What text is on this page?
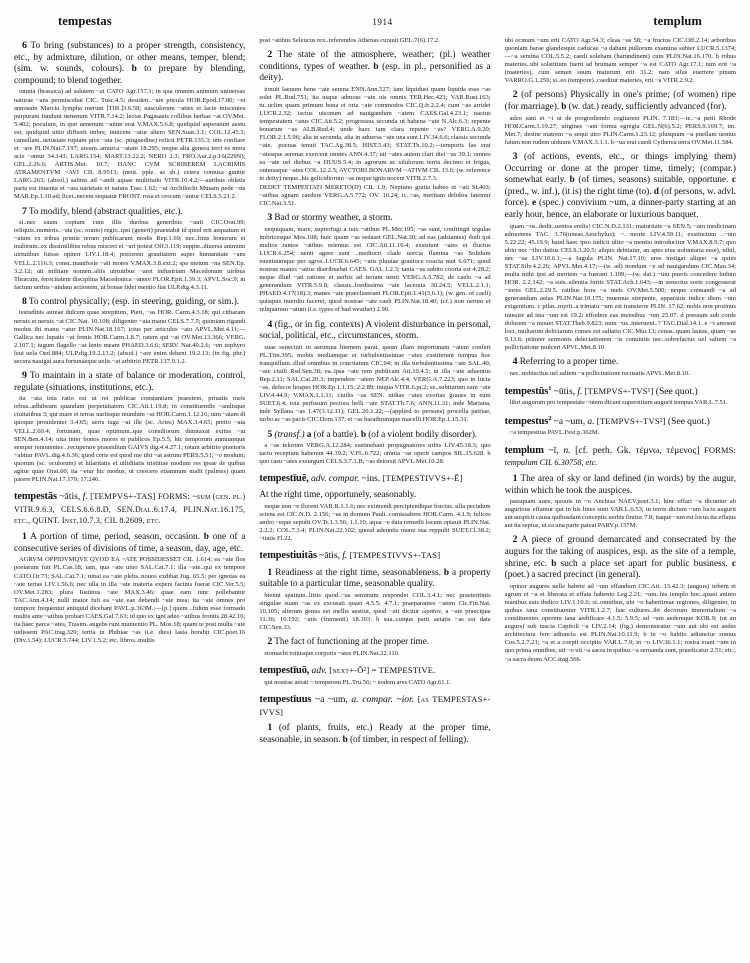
tempestas	1914	templum
6 To bring (substances) to a proper strength, consistency, etc., by admixture, dilution, or other means, temper, blend; (sim. w. sounds, colours). b to prepare by blending, compound; to blend together.
omnia (brassica) ad salutem ~at CATO Agr.157.1; in qua omnem animum uniuersae naturae ~ans permiscebat CIC. Tusc.4.5; desideri..~are pocula HOR.Epod.17.80; ~et annosum Marcia lympha merum [TIB.]3.6.58; uasculorum ~aties et lacte miscentes purpuram fundunt uenenum VITR.7.14.2; lectas Pagasaeis collibus herbas ~at OV.Met. 5.402; poculum, in quo uenenum ~atum erat V.MAX.5.6.8; quidquid asperatum aestu est, quidquid uitio diffuxit imbre, inuicem ~atur altero SEN.Suas.3.1; COL.12.45.3; camellam..uetustate ruptam pice ~ata (sc. pinguedine) reficit PETR.135.3; uns confiare et ~are PLIN.Nat.7.197; aream..amurca ~atam 18.295; neque alia genera terri es mera acie ~antur 34.143; LARG.154; MART.13.22.2; NERO 2.3; FRO.Aur.2.p.16(229N); GEL.2.26.6; ARTIS.Met. 10.7; HANC CVM SCRIBEREM LACRIMIS ATRAMENTVM ~AVI CIL 8.9513; (neut. pple. as sb.) cetera contusa guntur LARG.263; (absol.) salinis ad ~andi aquae multitudo VITR.10.4.2;—auribus obletis parta est inuenta et ~ata uarietate et natura Tusc.1.62; ~at Archilochi Musam pede ~na MAR.Ep.1.10.ad; licet..necem sequatur FRONT. rosa et crocum ~antur CELS.5.21.2.
7 To modify, blend (abstract qualities, etc.).
si..nec suam copiam cum illis duobus generibus ~auit CIC.Orat.99; reliquis..numeris..~ata (sc. oratio) regio..ipsi (generi) praestabit id quod erit aequatum et ~atum ex tribus primis rerum publicarum modis Rep.1.69; nec..finis bonorum et malorum..ex dissimilibus rebus misceri et ~ari potest Off.3.119; suppte..diuersa animum uirtutibus fuisse opinor LIV.1.18.4; potiorem grauitatem super humanitate ~ans VELL.2.116.3; const..manifeste ~ati mores V.MAX.3.8.ext.2; spe metum ~na SEN.Ep. 3.2.12; uti militare nomen..aliis uirtutibus ~aret industriam Macedonum uiribus Thracum, ferocitatem disciplina Macedonica ~anere FLOR.Epit.1.39.3; APVL.Soc.9; in factum uerbis ~andam actionem, ut bonae fidei mentio fiat ULP.dig.4.3.11.
8 To control physically; (esp. in steering, guiding, or sim.).
testudinis aureae dulcem quae strepitum, Pieri, ~as HOR. Carm.4.3.18; qui citharam neruis et neruis ~at CIC.Nat. 10.108; diligenter ~ata manu CELS.7.7.5; quoniam rigandi modus ibi manu ~atur PLIN.Nat.18.167; ictus per articulos ~ato APVL.Met.4.11;—Gallica nec lupatis ~at frenis HOR.Carm.1.8.7; ratem qui ~at OV.Met.13.366; VERG. 2.107.1; iugum flagello ~at lento meam PHAED.3.6.6; SERV. Nat.40.2.6; ~en zephyro leui uela Oed.884; ULP.dig.19.2.13.2; (absol.) ~are enim debent 19.2.13; (in fig. phr.) secura nauigat aura fortunaeque uelis ~at arbitrio PETR.137.9.1.2.
9 To maintain in a state of balance or moderation, control, regulate (situations, institutions, etc.).
ita ~ata tota ratio est ut rei publicae constantiam praestem, priuatis meis rebus..adhibeam quandam perpetuitatem CIC.Att.1.19.8; in constituendis ~andisque ciuitatibus 3; qui mare et terras uariisque mundum ~at HOR.Carm.1.12.16; uim ~atam di quoque prouidenter 3.4.65; ueris iuga ~at ille (sc. Aries) MAX.3.4.65; pretio ~ata VELL.2.60.4; fortunam, quae optimum..que consiliorum dumtaxat exitus ~at SEN.Ben.4.14; uita inter bonos mores et publicos Ep.5.5; hic temporum annuumque semper renuuentes ..recuperare praesidium GAIVS dig.4.4.27.1; totam arbitrio praetoris ~abitur PAVL.dig.4.6.36; quod certe est quod me tibi ~at astrum PERS.5.51; ~o modum; quorum (sc. oculorum) et hilaritatis et uiliditatis tristitiae modum res ipsae de quibus agitur quae Orat.60; ita ~etur hic modus, ut crescere etiamnum malit (palmes) quam parere PLIN.Nat.17.179; 17.246.
tempestās ~ātis, f. [TEMPVS+-TAS] FORMS: ~sum (gen. pl.) VITR.9.6.3, CELS.6.6.8.D, SEN.Dial.6.17.4, PLIN.Nat.16.175, etc., QUINT. Inst.10.7.3, CIL 8.2609, etc.
1 A portion of time, period, season, occasion. b one of a consecutive series of divisions of time, a season, day, age, etc.
AGRVM OPPIDVMQVE QVOD EA ~ATE POSSIDESSET CIL 1.614; ea ~ate flos poetarum fuit PL.Cas.18; iam, qua ~ate uiuo SAL.Cat.7.1; illa ~ate..qui ex tempore CATO.Or.73; SAL.Cat.7.1; ninai ea ~ate plebs..nouos exdibat Jug. 65.5; per ignotas ea ~ate terras LIV.1.56.6; nec ulla in illa ~ate materia expers facinis fuerat CIC.Ver.5.5; OV.Met.1.283; plura Iustinus ~ate MAX.3.46; quae eam tunc pollebantur TAC.Ann.4.14; nulli maior fuit ea ~ate eae debendi ~ate mea; ita ~ate omnes pro tempore frequentur antiquid dicebant PAVL.p.363M.;—[p.] quem ..fidum esse formado multis ante ~atibus probari CAES.Gal.7.63; id quo ex igni adeo ~atibus frontis 28.42.16; ita haec parca ~ates, Trasim. augebs runt munientio PL. Mos.18; quam te post multa ~ate uidissem PAC.trag.329; tertia in Phthiae ~as (i.e. dies) lasta horabit CIC.poet.16 (Div.1.54); LUCR.5.744; LIV.1.5.2; etc. libros..multis
post ~atibus Seleucus rex..referendos Athenas curauit GEL.7(6).17.2.
2 The state of the atmosphere, weather; (pl.) weather conditions, types of weather. b (esp. in pl., personified as a deity).
tonuit laeuum bene ~ate serena ENN.Ann.527; iam liquidust quam liquida esse ~as solet PL.Rud.751; ita usque admoss ~ate uis omnis TER.Hec.423; VAR.Rust.163; tu..uclim quam primum bona et orta ~ate commodos CIC.Q.fr.2.2.4; cum ~as arridet LUCR.2.32; isctus uisonum ad nauigandum ~atem CAES.Gal.4.23.1; nactus tempestatem ~atus CIC.Att.5.2; progressus secunda ut habena ~ate N.Alc.6.3; repente bonarum ~as ALB.Rud.4; unde haec tam clara repente ~as? VERG.A.9.20; FLOR.2.1.5.96; alia in secunda, alia in aduersa ~ate una sunt LIV.34.6.6; classis secunda ~ate. .pocnas tenuit TAC.Ag.38.5; HIST.5.43; STAT.Th.10.2;—temporis fas erat ~atesque serenas exercent omnes ANN.4.37; uti ~ates autem clari diei ~as 39.1; omnes ea ~ate uel diebus ~a HUUS.5.4; in agrorum ac silulorum terris decimo et frigus, outerasque ~ates COL.12.2.5; AVCTORI BONARVM ~ATIVM CIL 13.6; (w. reference to deity) neque..his gelicidiorum ~as neque ignis nocere VITR.2.7.3.
DEDET TEMPESTATI MERETO(D) CIL 1.9; Neptuno gratia habeo et ~ati Si.403; ~atibus agnam caedere VERG.A.5.772; OV. 10.24; ic..~as, meritam delubra fatemur CIC.Nat.3.51.
3 Bad or stormy weather, a storm.
nequiquam, mare, supterfugi a tuis ~atibus PL.Mer.195; ~as sunt, confringit tegulas imbricesque Mos.108; huic quam ~as sedaset GEL.Nat.30; ad eas (adstantes) dodi qui multos ramos ~atibus reientus est CIC.Att.11.16.4; exsistunt ~ates et fluctus LUCR.6.254; uenti agere sunt ..mediocri clade uorcia flamina ~as Solidum euentuumque per agros..LUCR.6.645; ~atis pluuiae grauioce coacta mut 6.671; quod nostrae manes ~atius distribuebat CAES. GAL.1.2.3; tanta ~as subito coorta est 4.28.2; neque illud ~ati ratione et uerbis ad terram uenti VERG.A.5.782; de caelo ~a ad generandum VITR.5.9.8; classis..foedissima ~ate lacerata 30.24.5; VELL.2.1.1; PHAED.4.17(18).3; manes ~ate praecluserant FLOR.Epit.1.41(3,6.1); (w. gen. of caeli) quisquis interdiu faceret, quod nostrae ~ate caeli PLIN.Nat.18.40; (cf.) non uerum et reliquarum ~atum (i.e. types of bad weather) 2.90.
4 (fig., or in fig. contexts) A violent disturbance in personal, social, political, etc., circumstances, storm.
suae senectuti in aerumna hiemem parat, quom illam importunam ~atem confert PL.Trin.395; mobis inediamque et turbulentissimae ~ates exstiterunt tempus hoc tranquillum..illud omnibus in concitatum CIC.94; in illa turbulentissima ~ate SAL.40; ~ate ciuili Rsd.Sen.38; ea..ipsa ~ate rem publicam Att.10.4.5; in illa ~ate aduentus Rep.2.11; SAL.Cat.20.3; impendere ~atem NEP.Alc.4.4; VERG.A.7.223; quo in lucta ~as, defecor hospes HOR.Ep.1.1.15; 2.2.89; iniqua VITR.6.pr.2; se..subiturum eam ~ate LIV.4.44.9; V.MAX.1.1.11; ciuilis ~as SEN. uidiae ~ates exortae graues in eum SUET.6.4; tota perfusum pectora belli ~ate STAT.Th.7.6; ANN.11.31; inde Mariana, inde Syllana ~as 1.47(3.12.11); GEL.20.1.22;—(applied to persons) procella patriae, turbo ac ~as pacis CIC.Dom.137; et ~as barathrumque macelli HOR.Ep.1.15.31.
5 (transf.) a (of a battle). b (of a violent bodily disorder).
a ~as telorum VERG.A.12.284; sustinebant propugnatores urbis LIV.45.18.3; quo tactu receptum haberent 44.39.2; V.FL.6.722; omnia ~as operit campos SIL.15.628. b quo casu ~ates exsurgunt CELS.3.7.1.B; ~as detorsit APVL.Met.10.28.
tempestīuē, adv. compar. ~ius. [TEMPESTIVVS+-Ē]
At the right time, opportunely, seasonably.
neque non ~e florent VAR.R.1.1.6; nec eximendi percipiendique fructus..ulla pecudum sciens est CIC.N.D. 2.156; ~as in domum Pauli..comissabere HOR.Carm. 4.1.9; felices ambo ~eque sepulti OV.Tr.1.3.56; 1.1.10; aqua ~e data remedii locum optauit PLIN.Nat. 2.2.2; COL.7.3.4; PLIN.Nat.22.102; quosd adeuntis manu sua reppulit SUET.Cl.38.2; ~itatis Fl.22.
tempestiuitās ~ātis, f. [TEMPESTIVVS+-TAS]
1 Readiness at the right time, seasonableness. b a property suitable to a particular time, seasonable quality.
bienni spatium..litris quod..~as seminum respondet COL.3.4.1; nec praeteritinis singulae suam ~as ex excusati quaei 4.5.5; 4.7.1; praeparantes ~atem Cic.Fin.Nat. 10.105; alterum genus est mellis aestiui, quod ~ati dicitur ὡραῖον, a ~ate praecipua 11.36; 16.192; ~atis (frumenti) 18.303. b sua..cuique parti aetatis ~as est data CIC.Sen.33.
2 The fact of functioning at the proper time.
stomachi totiusque corporis ~ates PLIN.Nat.22.110.
tempestīuō, adv. [next+-Ō²] = TEMPESTIVE.
qui nostrae aetati ~ temperent PL.Tru.56; ~ eodem ares CATO Agr.61.1.
tempestīuus ~a ~um, a. compar. ~ior. [as TEMPESTAS+-IVVS]
1 (of plants, fruits, etc.) Ready at the proper time, seasonable, in season. b (of timber, in respect of felling).
ubi ocinum ~um erit CATO Agr.54.3; cleas ~as 58; ~a fructus CIC.Off.2.14; arboribus quoniam barae glandesque caducae ~a dabant pullorum examina subter LUCR.5.1374;—~a semina COL.5.5.2; caedi solebant (harundinem) cum PLIN.Nat.16.170. b robus materies..ubi solstitium fuerit ad brumam semper ~a est CATO Agr.17.1; tum erit ~a (materies), cum semen suum maturum erit 31.2; nam silus euertere pinum VARRO.G.1.256; si..eo (tempore)..caeditur materies, erit ~a VITR.2.9.2.
2 (of persons) Physically in one's prime; (of women) ripe (for marriage). b (w. dat.) ready, sufficiently advanced (for).
adeo sani et ~i ut de progrediendo cogitarent PLIN. 7.183;—te..~a petit Rhode HOR.Carm.3.19.27; uirgines ~am forma egregia GEL.N(6).5.2; PERS.9.169.7; im. Met.7; desine matrem ~a sequi uiro PLIN.Carm.1.23.12; plusquam ~a puellam uentus fatum non rudem uiduum V.MAX.3.1.1. b ~ua erat caedi Cytherea terra OV.Met.11.584.
3 (of actions, events, etc., or things implying them) Occurring or done at the proper time, timely; (compar.) somewhat early. b (of times, seasons) suitable, opportune. c (pred., w. inf.), (it is) the right time (to). d (of persons, w. advl. force). e (spec.) convivium ~um, a dinner-party starting at an early hour, hence, an elaborate or luxurious banquet.
quam ~os..dedit..uentos erelis! CIC.N.D.2.131; maturitate ~a SEN.5; ~am medicinam admonens TAC. 3.76(uneas.Aeschylus); ~. morte LIV.4.59.11; exstinctum ..~um 5.22.22; 45.19.9; haud haec ipso iudicii ultio ~a mentio introducitur V.MAX.8.9.7; quo ubio nec ~ibo datius CELS.3.20.5; aliquo debitatur, an apes eius uoluntaria esse), nihil, nec ~as LIV.10.6.1;—a Iugula PLIN. Nat.17.10; ures instigat aliquo ~a quies STAT.Silv.4.2.26; APVL.Met.4.17;—(w. ad) nondum ~e ad nauigandum CIC.Man.34; multa mihi ipsi ad mortem ~a fuerant 1.109;—(w. dat.) ~um pueris concedere ludum HOR. 2.2.142; ~a suis..silentia furtis STAT.Ach.1.643;—in senectus sorte congesserat ~iores GEL.2.29.5. ratibus hora ~a meis OV.Met.5.500; neque cremandi ~a ad generandum aetas PLIN.Nat.10.175; muemus strepente, apparatus indice diem ~um exigentium. c pilas..myrii..a trimatu ~um est transierre PLIN. 17.62; nobis non protinus transire ad ista ~um est 19.2; effodere eas mensibus ~um 25.07. d pressum sub corde dolorem ~a mouet STAT.Theb.9.823; num ~us..interueni..? TAC.Dial.14.1. e ~i amoeni loci, multarum deliciarum comes est saltatio CIC.Mur.13; cenas..quam lautas, quam ~as 9.13.6; ptimier sermonis delectationem ~is conuiuiis nec..sobrefactus uel saltem ~a pollicitatione mulceri APVL.Met.8.10.
4 Referring to a proper time.
nec..nobiscitus uel saltem ~a pollicitatione recusatis APVL.Met.8.10.
tempestūs$^1$ ~ūtis, f. [TEMPVS+-TVS¹] (See quot.)
libri augurum pro tempestate ~utem dicunt superstitum augurii tempus VAR.L.7.51.
tempestus$^2$ ~a ~um, a. [TEMPVS+-TVS²] (See quot.)
~a tempestiua PAVL.Fest.p.362M.
templum ~ī, n. [cf. perh. Gk. τέμνω, τέμενος] FORMS: tempulum CIL 6.30758, etc.
1 The area of sky or land defined (in words) by the augur, within which he took the auspices.
passquam aues, quouis in ~o Anchisa NAEV.poet.3.1; hinc effari ~a dicuntur ab augurious effamur qui in his lines sunt VAR.L.6.53; in terris dictum ~um locis augurii aut auspicii causa quibusdam conceptis uerbis finitus 7.8; itaque ~um est locus ita effatus aut ita septus, ut ea una parte pateat PARV.p.157M.
2 A piece of ground demarcated and consecrated by the augurs for the taking of auspices, esp. as the site of a temple, shrine, etc. b such a place set apart for public business. c (poet.) a sacred precinct (in general).
opinor augures uelle habere ad ~um effandum CIC.Att. 13.42.3; (augurs) urbem et agrum et ~a et liberata et effata habento Leg.2.21; ~um..his templo hoc..quasi animo manibus suis dedico LIV.1.10.6; si..omnibus, ubi ~o habertimae regiones, diligenter, in quibus tana constituuntur VITR.1.2.7; hae cultures..ibi decorum immortalium ~a constituentes operum tana aedificare 4.1.5; 5.9.5; ad ~um aedemque KOR.9; (ut an augurs) sub tuscia Capitoli ~a LIV.2.14; (fig.) demonstratur ~um aut ubi est aedes architectura fere adiuncta est PLIN.Nat.10.11.9; b in ~o habito adiunctur sumus Cos.5.2.7.21; ~a et a coepit occipito VAR.L.7.9; in ~o LIV.36.1.1; rostra erant ~um in quo prima omnibus, uti ~o uti ~a sacra in quibus ~a seruanda sunt, praedicatur 2.51; etc.; ~a sacra deum ACC.trag.566.
